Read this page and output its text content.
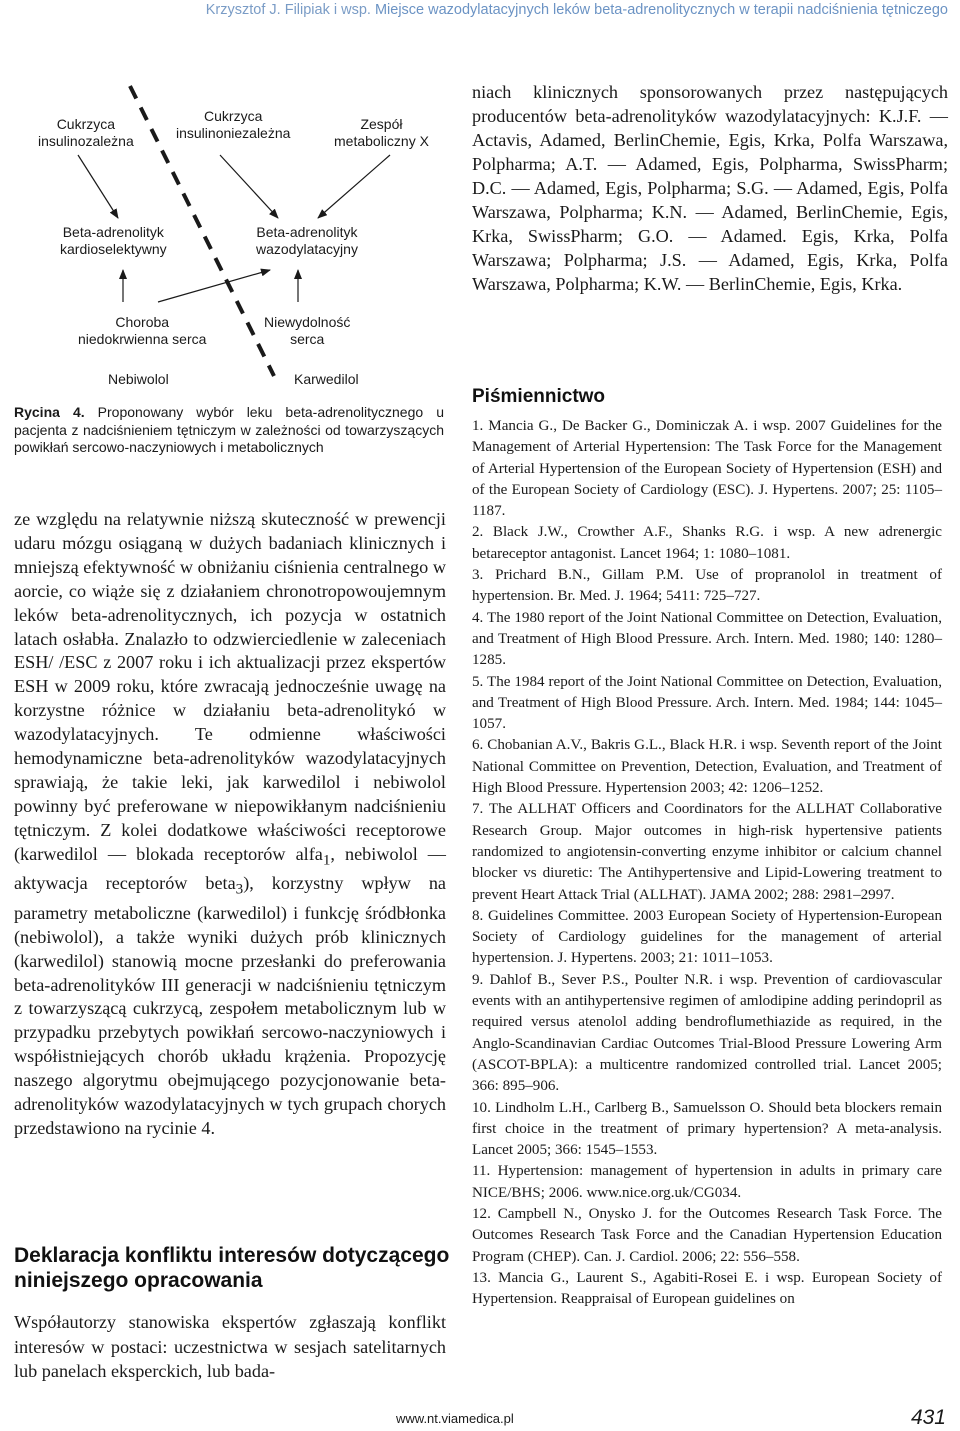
Krzysztof J. Filipiak i wsp. Miejsce wazodylatacyjnych leków beta-adrenolitycznych w terapii nadciśnienia tętniczego
Cukrzyca
insulinozależna
Cukrzyca
insulinoniezależna
Zespół
metaboliczny X
Beta-adrenolityk
kardioselektywny
Beta-adrenolityk
wazodylatacyjny
Choroba
niedokrwienna serca
Niewydolność
serca
Nebiwolol	Karwedilol
Rycina 4. Proponowany wybór leku beta-adrenolitycznego u pacjenta z nadciśnieniem tętniczym w zależności od towarzyszących powikłań sercowo-naczyniowych i metabolicznych
ze względu na relatywnie niższą skuteczność w prewencji udaru mózgu osiąganą w dużych badaniach klinicznych i mniejszą efektywność w obniżaniu ciśnienia centralnego w aorcie, co wiąże się z działaniem chronotropowoujemnym leków beta-adrenolitycznych, ich pozycja w ostatnich latach osłabła. Znalazło to odzwierciedlenie w zaleceniach ESH/ /ESC z 2007 roku i ich aktualizacji przez ekspertów ESH w 2009 roku, które zwracają jednocześnie uwagę na korzystne różnice w działaniu beta-adrenolitykó w wazodylatacyjnych. Te odmienne właściwości hemodynamiczne beta-adrenolityków wazodylatacyjnych sprawiają, że takie leki, jak karwedilol i nebiwolol powinny być preferowane w niepowikłanym nadciśnieniu tętniczym. Z kolei dodatkowe właściwości receptorowe (karwedilol — blokada receptorów alfa$_1$, nebiwolol — aktywacja receptorów beta$_3$), korzystny wpływ na parametry metaboliczne (karwedilol) i funkcję śródbłonka (nebiwolol), a także wyniki dużych prób klinicznych (karwedilol) stanowią mocne przesłanki do preferowania beta-adrenolityków III generacji w nadciśnieniu tętniczym z towarzyszącą cukrzycą, zespołem metabolicznym lub w przypadku przebytych powikłań sercowo-naczyniowych i współistniejących chorób układu krążenia. Propozycję naszego algorytmu obejmującego pozycjonowanie beta-adrenolityków wazodylatacyjnych w tych grupach chorych przedstawiono na rycinie 4.
Deklaracja konfliktu interesów dotyczącego niniejszego opracowania
Współautorzy stanowiska ekspertów zgłaszają konflikt interesów w postaci: uczestnictwa w sesjach satelitarnych lub panelach eksperckich, lub bada-
niach klinicznych sponsorowanych przez następujących producentów beta-adrenolityków wazodylatacyjnych: K.J.F. — Actavis, Adamed, BerlinChemie, Egis, Krka, Polfa Warszawa, Polpharma; A.T. — Adamed, Egis, Polpharma, SwissPharm; D.C. — Adamed, Egis, Polpharma; S.G. — Adamed, Egis, Polfa Warszawa, Polpharma; K.N. — Adamed, BerlinChemie, Egis, Krka, SwissPharm; G.O. — Adamed. Egis, Krka, Polfa Warszawa; Polpharma; J.S. — Adamed, Egis, Krka, Polfa Warszawa, Polpharma; K.W. — BerlinChemie, Egis, Krka.
Piśmiennictwo

1. Mancia G., De Backer G., Dominiczak A. i wsp. 2007 Guidelines for the Management of Arterial Hypertension: The Task Force for the Management of Arterial Hypertension of the European Society of Hypertension (ESH) and of the European Society of Cardiology (ESC). J. Hypertens. 2007; 25: 1105–1187.

2. Black J.W., Crowther A.F., Shanks R.G. i wsp. A new adrenergic betareceptor antagonist. Lancet 1964; 1: 1080–1081.

3. Prichard B.N., Gillam P.M. Use of propranolol in treatment of hypertension. Br. Med. J. 1964; 5411: 725–727.

4. The 1980 report of the Joint National Committee on Detection, Evaluation, and Treatment of High Blood Pressure. Arch. Intern. Med. 1980; 140: 1280–1285.

5. The 1984 report of the Joint National Committee on Detection, Evaluation, and Treatment of High Blood Pressure. Arch. Intern. Med. 1984; 144: 1045–1057.

6. Chobanian A.V., Bakris G.L., Black H.R. i wsp. Seventh report of the Joint National Committee on Prevention, Detection, Evaluation, and Treatment of High Blood Pressure. Hypertension 2003; 42: 1206–1252.

7. The ALLHAT Officers and Coordinators for the ALLHAT Collaborative Research Group. Major outcomes in high-risk hypertensive patients randomized to angiotensin-converting enzyme inhibitor or calcium channel blocker vs diuretic: The Antihypertensive and Lipid-Lowering treatment to prevent Heart Attack Trial (ALLHAT). JAMA 2002; 288: 2981–2997.

8. Guidelines Committee. 2003 European Society of Hypertension-European Society of Cardiology guidelines for the management of arterial hypertension. J. Hypertens. 2003; 21: 1011–1053.

9. Dahlof B., Sever P.S., Poulter N.R. i wsp. Prevention of cardiovascular events with an antihypertensive regimen of amlodipine adding perindopril as required versus atenolol adding bendroflumethiazide as required, in the Anglo-Scandinavian Cardiac Outcomes Trial-Blood Pressure Lowering Arm (ASCOT-BPLA): a multicentre randomized controlled trial. Lancet 2005; 366: 895–906.

10. Lindholm L.H., Carlberg B., Samuelsson O. Should beta blockers remain first choice in the treatment of primary hypertension? A meta-analysis. Lancet 2005; 366: 1545–1553.

11. Hypertension: management of hypertension in adults in primary care NICE/BHS; 2006. www.nice.org.uk/CG034.

12. Campbell N., Onysko J. for the Outcomes Research Task Force. The Outcomes Research Task Force and the Canadian Hypertension Education Program (CHEP). Can. J. Cardiol. 2006; 22: 556–558.

13. Mancia G., Laurent S., Agabiti-Rosei E. i wsp. European Society of Hypertension. Reappraisal of European guidelines on

www.nt.viamedica.pl	431
